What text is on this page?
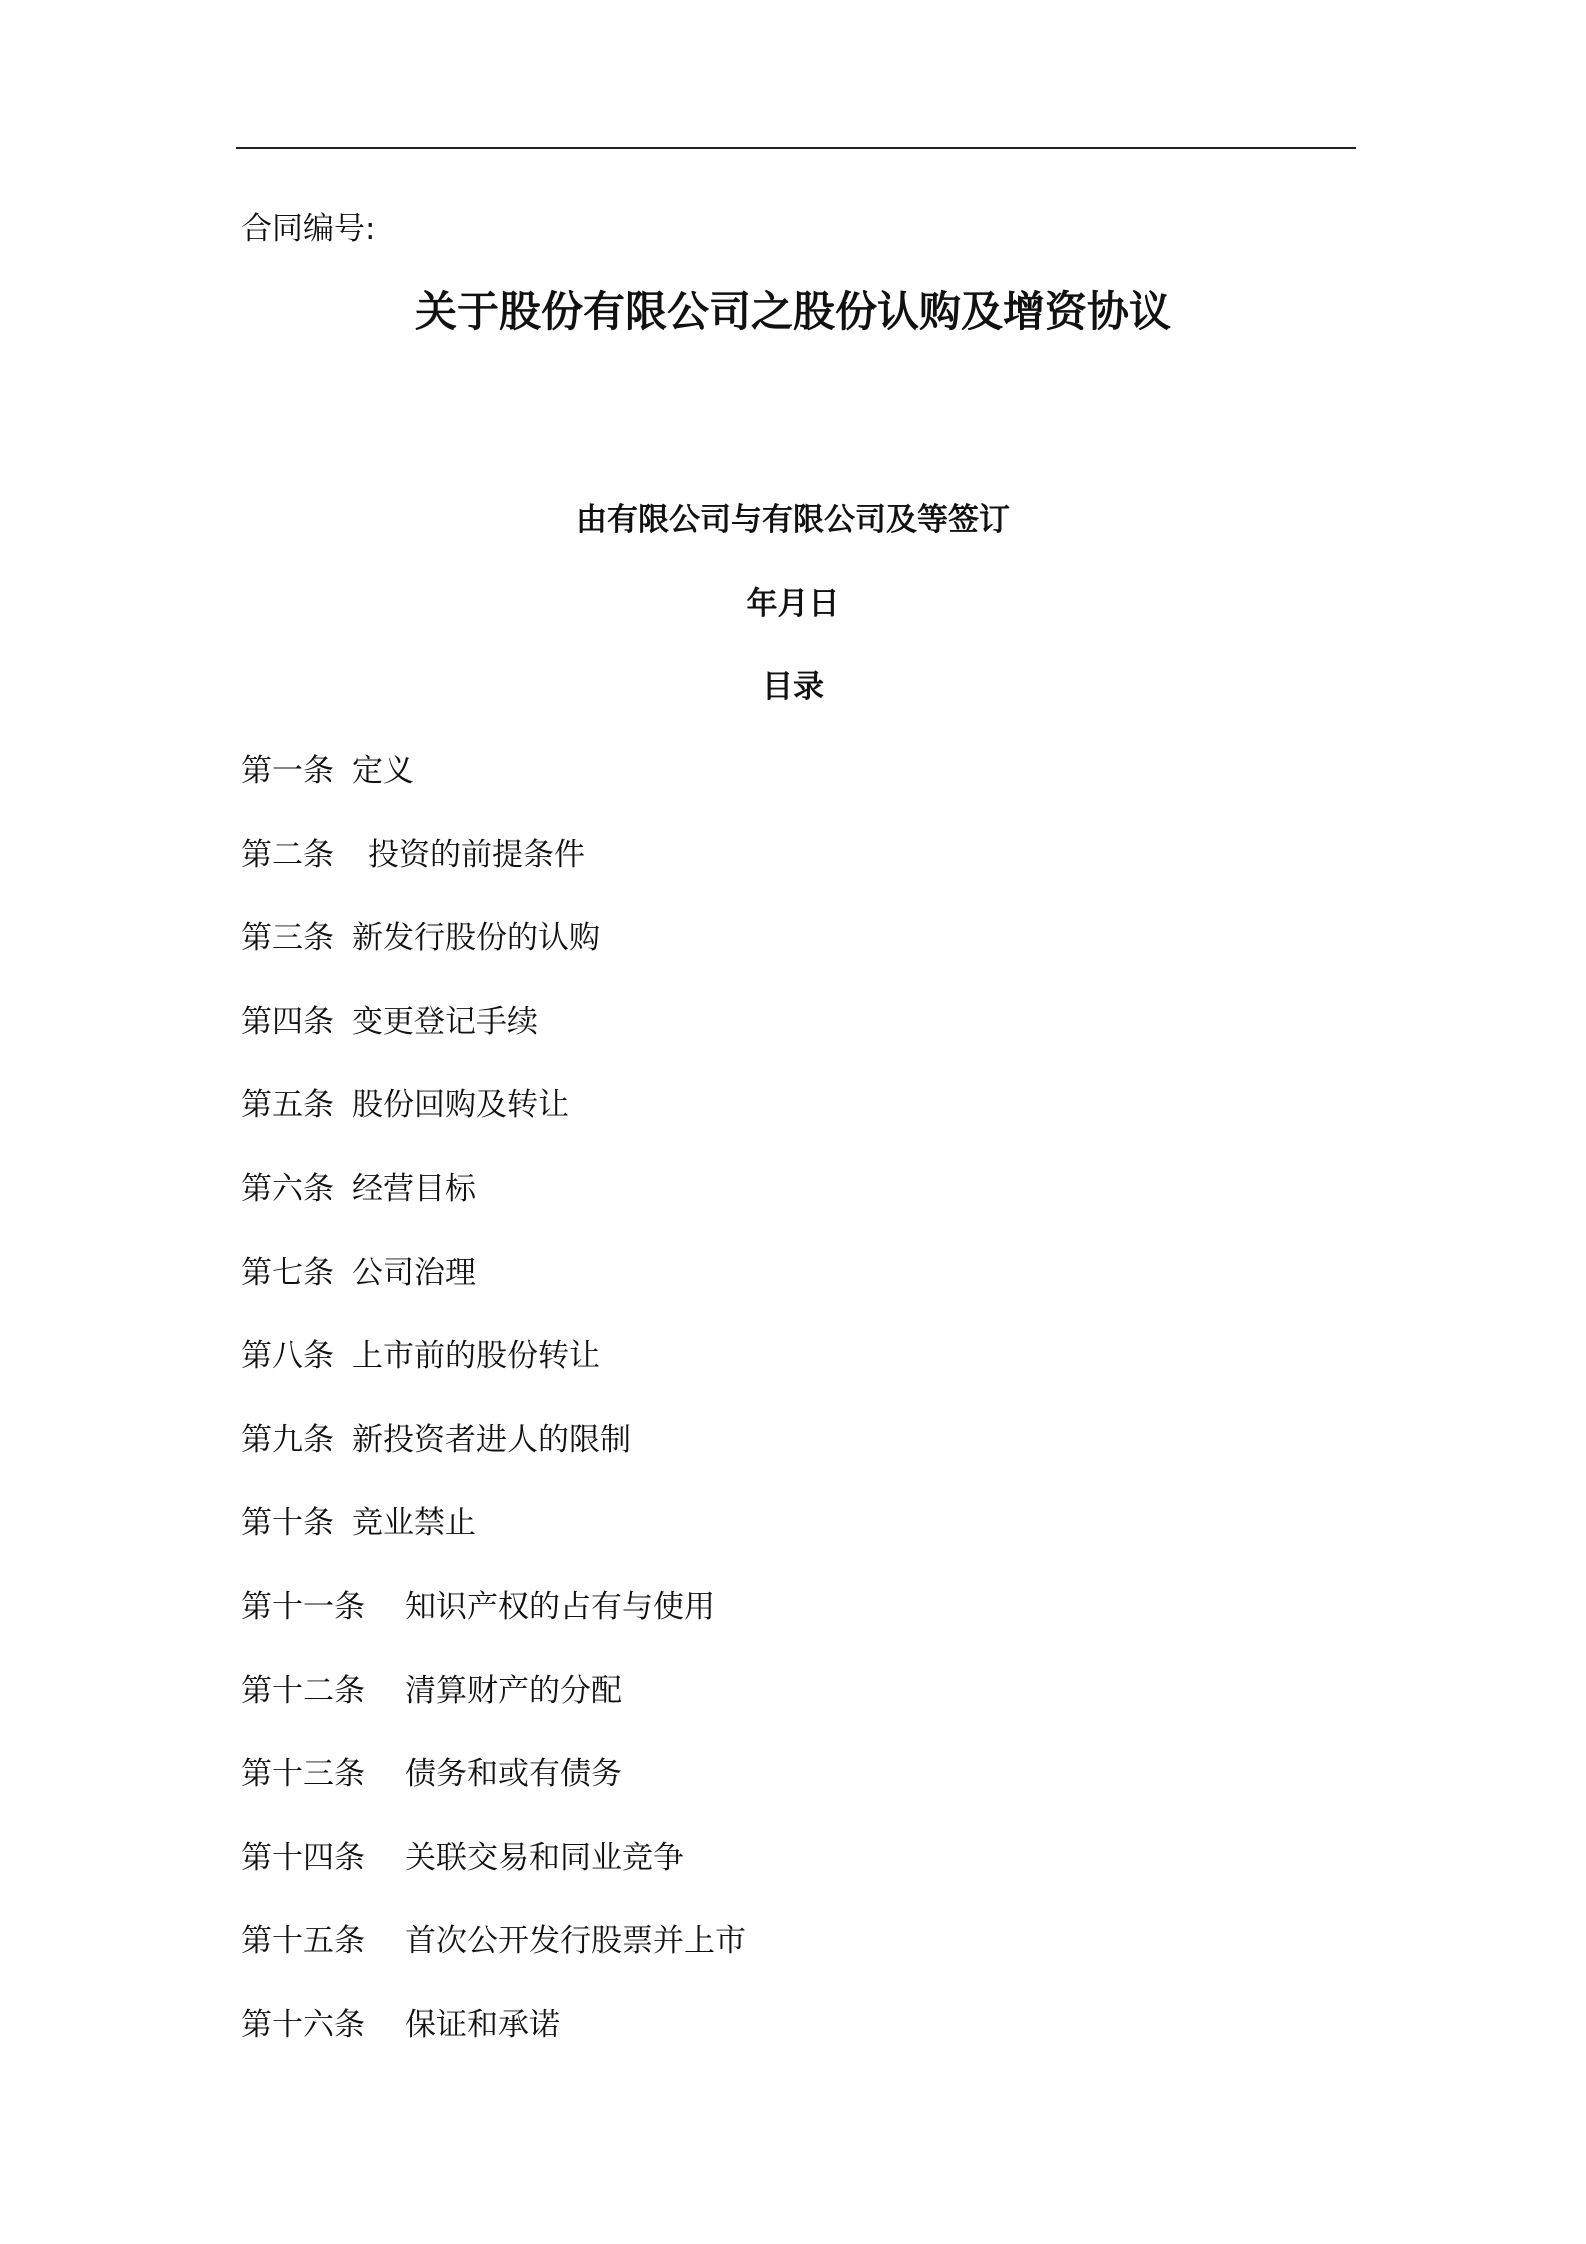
合同编号:
关于股份有限公司之股份认购及增资协议
由有限公司与有限公司及等签订
年月日
目录
第一条 定义
第二条 投资的前提条件
第三条 新发行股份的认购
第四条 变更登记手续
第五条 股份回购及转让
第六条 经营目标
第七条 公司治理
第八条 上市前的股份转让
第九条 新投资者进人的限制
第十条 竞业禁止
第十一条 知识产权的占有与使用
第十二条 清算财产的分配
第十三条 债务和或有债务
第十四条 关联交易和同业竞争
第十五条 首次公开发行股票并上市
第十六条 保证和承诺
